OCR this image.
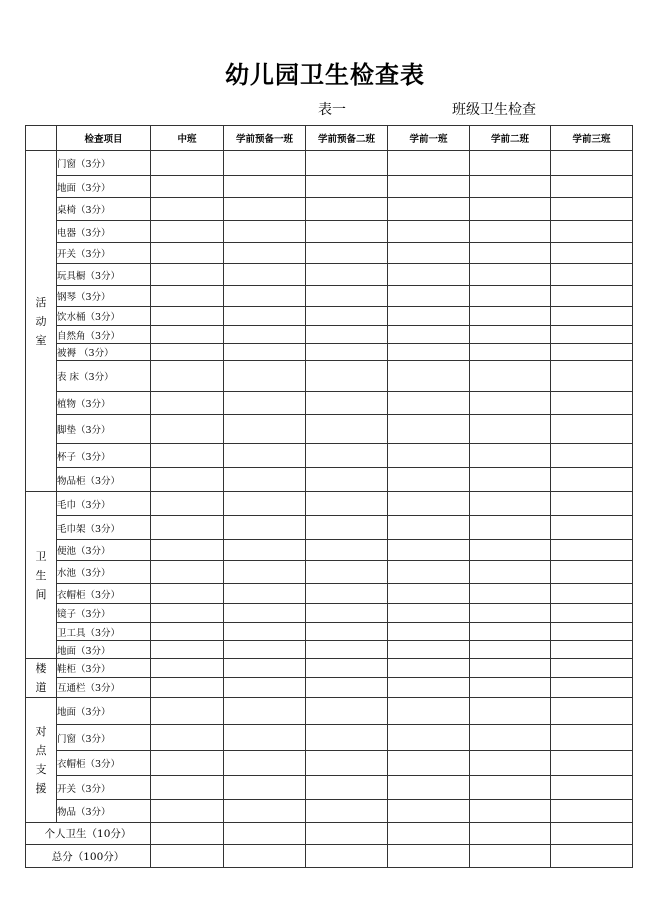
幼儿园卫生检查表
表一	班级卫生检查
	检查项目	中班	学前预备一班	学前预备二班	学前一班	学前二班	学前三班

活
动
室	门窗（3分）						
	地面（3分）						
	桌椅（3分）						
	电器（3分）						
	开关（3分）						
	玩具橱（3分）						
	钢琴（3分）						
	饮水桶（3分）						
	自然角（3分）						
	被褥 （3分）						
	表 床（3分）						
	植物（3分）						
	脚垫（3分）						
	杯子（3分）						
	物品柜（3分）						

卫
生
间	毛巾（3分）						
	毛巾架（3分）						
	便池（3分）						
	水池（3分）						
	衣帽柜（3分）						
	镜子（3分）						
	卫工具（3分）						
	地面（3分）						

楼
道	鞋柜（3分）						
	互通栏（3分）						

对
点
支
援	地面（3分）						
	门窗（3分）						
	衣帽柜（3分）						
	开关（3分）						
	物品（3分）						
个人卫生（10分）							
总分（100分）							
